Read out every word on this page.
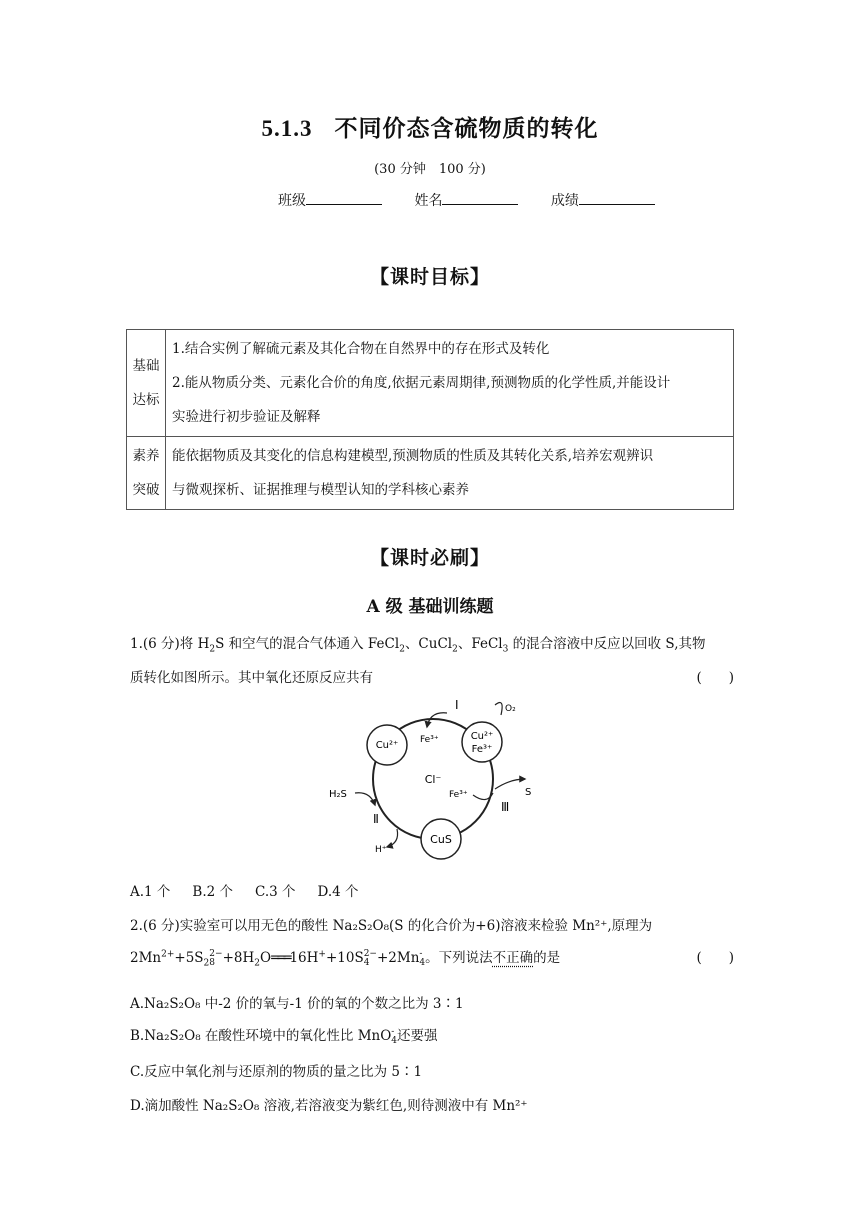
5.1.3 不同价态含硫物质的转化
(30 分钟　100 分)
班级	姓名	成绩
【课时目标】
基础达标	1.结合实例了解硫元素及其化合物在自然界中的存在形式及转化
2.能从物质分类、元素化合价的角度,依据元素周期律,预测物质的化学性质,并能设计
实验进行初步验证及解释

素养突破	能依据物质及其变化的信息构建模型,预测物质的性质及其转化关系,培养宏观辨识
与微观探析、证据推理与模型认知的学科核心素养
【课时必刷】
A 级 基础训练题
1.(6 分)将 $H_2S$ 和空气的混合气体通入 FeCl$_2$、CuCl$_2$、FeCl$_3$ 的混合溶液中反应以回收 S,其物
质转化如图所示。其中氧化还原反应共有	(　　)
Cu²⁺
Cu²⁺
Fe³⁺
CuS
Cl⁻
Ⅰ
Fe³⁺
O₂
H₂S
Ⅱ
H⁺
Fe³⁺	S
Ⅲ
A.1 个 B.2 个 C.3 个 D.4 个
2.(6 分)实验室可以用无色的酸性 Na₂S₂O₈(S 的化合价为+6)溶液来检验 Mn²⁺,原理为
$2Mn^{2+}+5S_2$
2−
$8 +8H_2O═══16H^++10S$ 2−
4 +2Mn -
4 。下列说法不正确的是	(　　)
A.Na₂S₂O₈ 中-2 价的氧与-1 价的氧的个数之比为 3∶1
B.Na₂S₂O₈ 在酸性环境中的氧化性比 MnO -
4 还要强
C.反应中氧化剂与还原剂的物质的量之比为 5∶1
D.滴加酸性 Na₂S₂O₈ 溶液,若溶液变为紫红色,则待测液中有 Mn²⁺
